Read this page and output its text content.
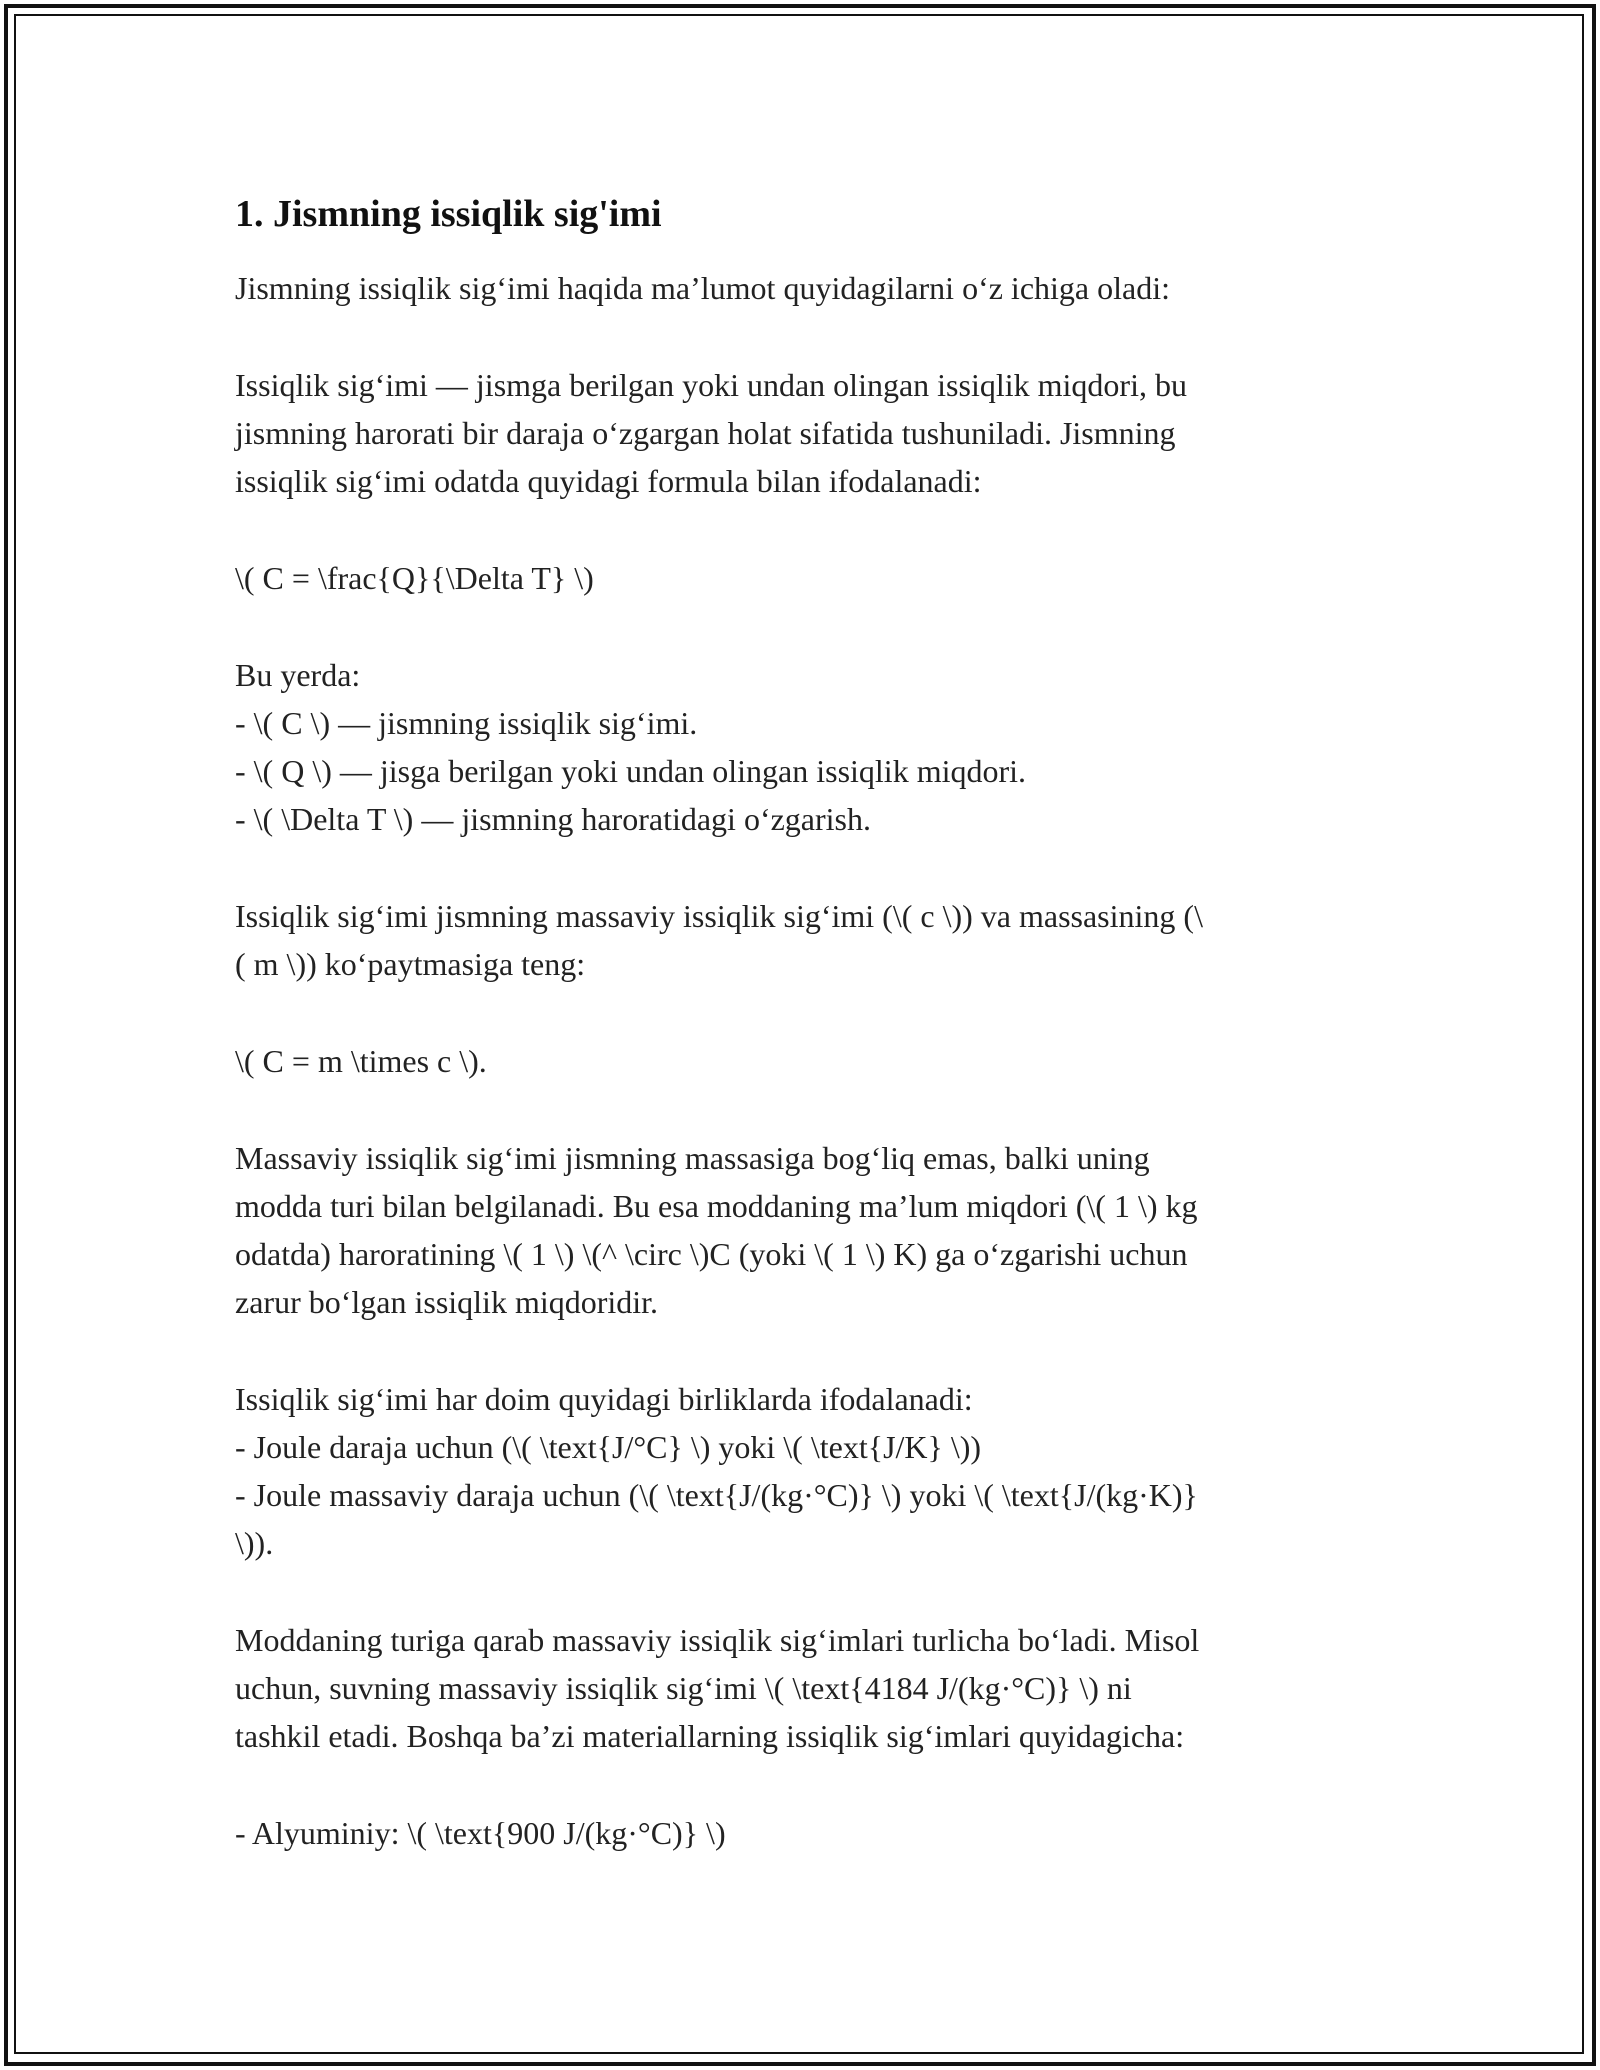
1. Jismning issiqlik sig'imi

Jismning issiqlik sig‘imi haqida ma’lumot quyidagilarni o‘z ichiga oladi:

Issiqlik sig‘imi — jismga berilgan yoki undan olingan issiqlik miqdori, bu

jismning harorati bir daraja o‘zgargan holat sifatida tushuniladi. Jismning

issiqlik sig‘imi odatda quyidagi formula bilan ifodalanadi:

\( C = \frac{Q}{\Delta T} \)

Bu yerda:

- \( C \) — jismning issiqlik sig‘imi.

- \( Q \) — jisga berilgan yoki undan olingan issiqlik miqdori.

- \( \Delta T \) — jismning haroratidagi o‘zgarish.

Issiqlik sig‘imi jismning massaviy issiqlik sig‘imi (\( c \)) va massasining (\

( m \)) ko‘paytmasiga teng:

\( C = m \times c \).

Massaviy issiqlik sig‘imi jismning massasiga bog‘liq emas, balki uning

modda turi bilan belgilanadi. Bu esa moddaning ma’lum miqdori (\( 1 \) kg

odatda) haroratining \( 1 \) \(^ \circ \)C (yoki \( 1 \) K) ga o‘zgarishi uchun

zarur bo‘lgan issiqlik miqdoridir.

Issiqlik sig‘imi har doim quyidagi birliklarda ifodalanadi:

- Joule daraja uchun (\( \text{J/°C} \) yoki \( \text{J/K} \))

- Joule massaviy daraja uchun (\( \text{J/(kg·°C)} \) yoki \( \text{J/(kg·K)}

\)).

Moddaning turiga qarab massaviy issiqlik sig‘imlari turlicha bo‘ladi. Misol

uchun, suvning massaviy issiqlik sig‘imi \( \text{4184 J/(kg·°C)} \) ni

tashkil etadi. Boshqa ba’zi materiallarning issiqlik sig‘imlari quyidagicha:

- Alyuminiy: \( \text{900 J/(kg·°C)} \)
